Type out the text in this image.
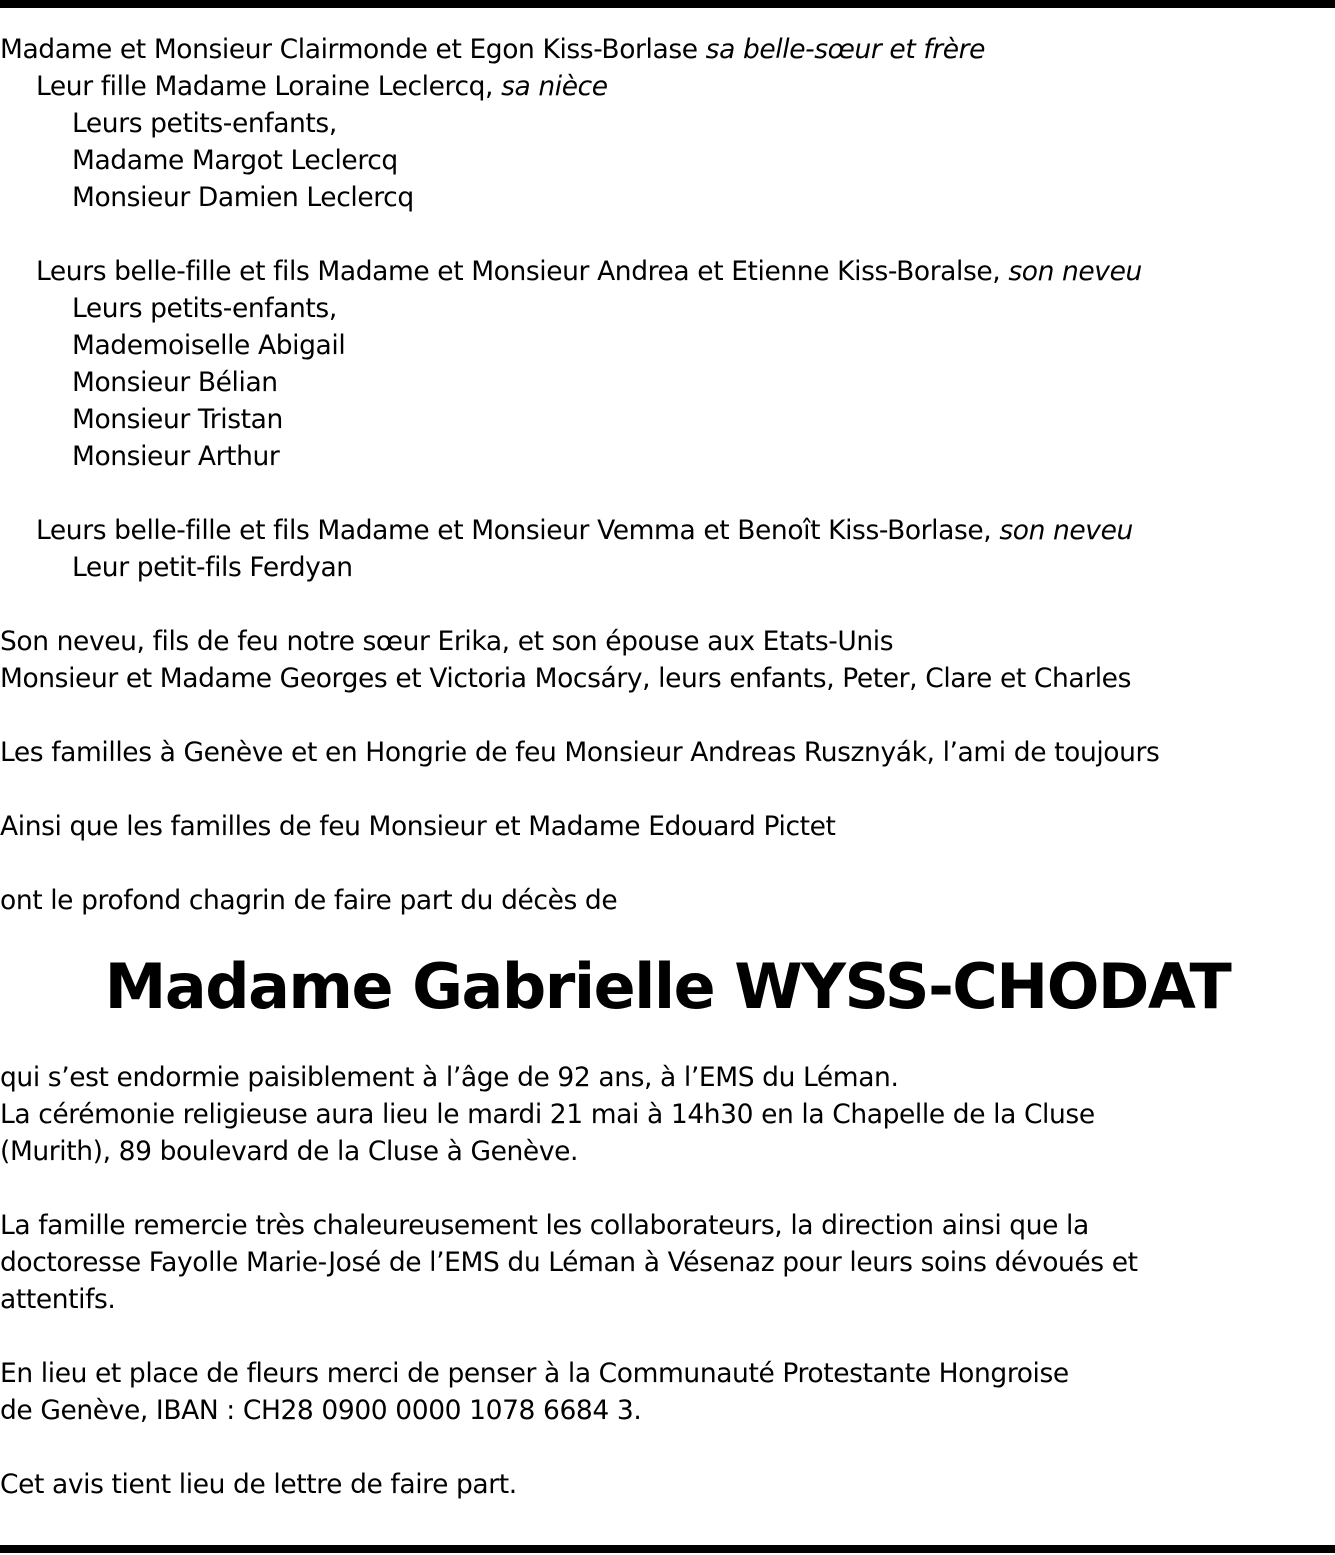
Madame et Monsieur Clairmonde et Egon Kiss-Borlase sa belle-sœur et frère
Leur fille Madame Loraine Leclercq, sa nièce
Leurs petits-enfants,
Madame Margot Leclercq
Monsieur Damien Leclercq
Leurs belle-fille et fils Madame et Monsieur Andrea et Etienne Kiss-Boralse, son neveu
Leurs petits-enfants,
Mademoiselle Abigail
Monsieur Bélian
Monsieur Tristan
Monsieur Arthur
Leurs belle-fille et fils Madame et Monsieur Vemma et Benoît Kiss-Borlase, son neveu
Leur petit-fils Ferdyan
Son neveu, fils de feu notre sœur Erika, et son épouse aux Etats-Unis
Monsieur et Madame Georges et Victoria Mocsáry, leurs enfants, Peter, Clare et Charles
Les familles à Genève et en Hongrie de feu Monsieur Andreas Rusznyák, l’ami de toujours
Ainsi que les familles de feu Monsieur et Madame Edouard Pictet
ont le profond chagrin de faire part du décès de
Madame Gabrielle WYSS-CHODAT
qui s’est endormie paisiblement à l’âge de 92 ans, à l’EMS du Léman.
La cérémonie religieuse aura lieu le mardi 21 mai à 14h30 en la Chapelle de la Cluse
(Murith), 89 boulevard de la Cluse à Genève.
La famille remercie très chaleureusement les collaborateurs, la direction ainsi que la
doctoresse Fayolle Marie-José de l’EMS du Léman à Vésenaz pour leurs soins dévoués et
attentifs.
En lieu et place de fleurs merci de penser à la Communauté Protestante Hongroise
de Genève, IBAN : CH28 0900 0000 1078 6684 3.
Cet avis tient lieu de lettre de faire part.
